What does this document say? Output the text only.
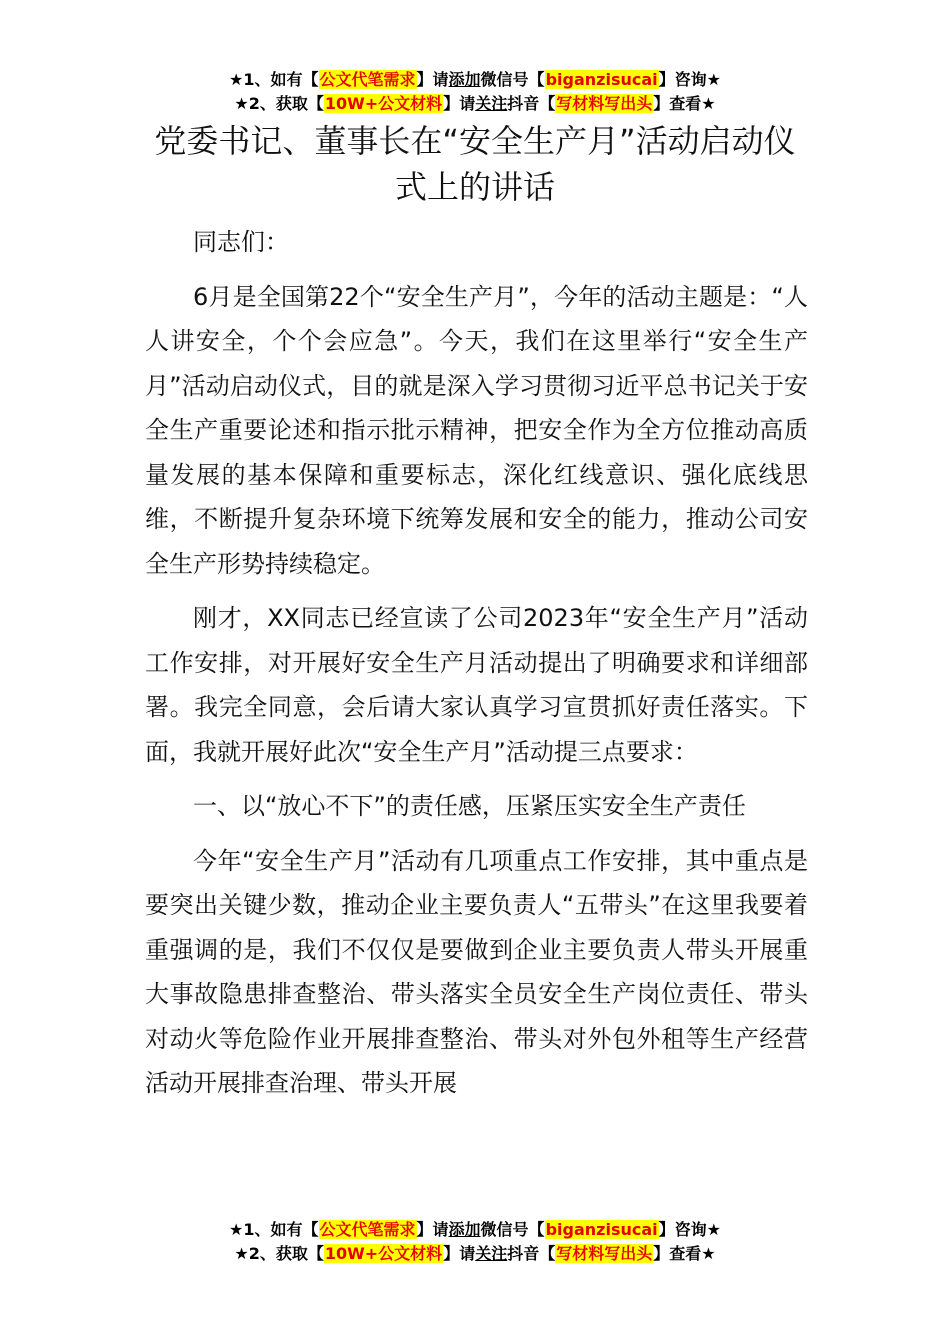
★1、如有【公文代笔需求】请添加微信号【biganzisucai】咨询★
★2、获取【10W+公文材料】请关注抖音【写材料写出头】查看★
党委书记、董事长在“安全生产月”活动启动仪式上的讲话

同志们：

6月是全国第22个“安全生产月”，今年的活动主题是：“人人讲安全，个个会应急”。今天，我们在这里举行“安全生产月”活动启动仪式，目的就是深入学习贯彻习近平总书记关于安全生产重要论述和指示批示精神，把安全作为全方位推动高质量发展的基本保障和重要标志，深化红线意识、强化底线思维，不断提升复杂环境下统筹发展和安全的能力，推动公司安全生产形势持续稳定。

刚才，XX同志已经宣读了公司2023年“安全生产月”活动工作安排，对开展好安全生产月活动提出了明确要求和详细部署。我完全同意，会后请大家认真学习宣贯抓好责任落实。下面，我就开展好此次“安全生产月”活动提三点要求：

一、以“放心不下”的责任感，压紧压实安全生产责任

今年“安全生产月”活动有几项重点工作安排，其中重点是要突出关键少数，推动企业主要负责人“五带头”在这里我要着重强调的是，我们不仅仅是要做到企业主要负责人带头开展重大事故隐患排查整治、带头落实全员安全生产岗位责任、带头对动火等危险作业开展排查整治、带头对外包外租等生产经营活动开展排查治理、带头开展

★1、如有【公文代笔需求】请添加微信号【biganzisucai】咨询★
★2、获取【10W+公文材料】请关注抖音【写材料写出头】查看★
